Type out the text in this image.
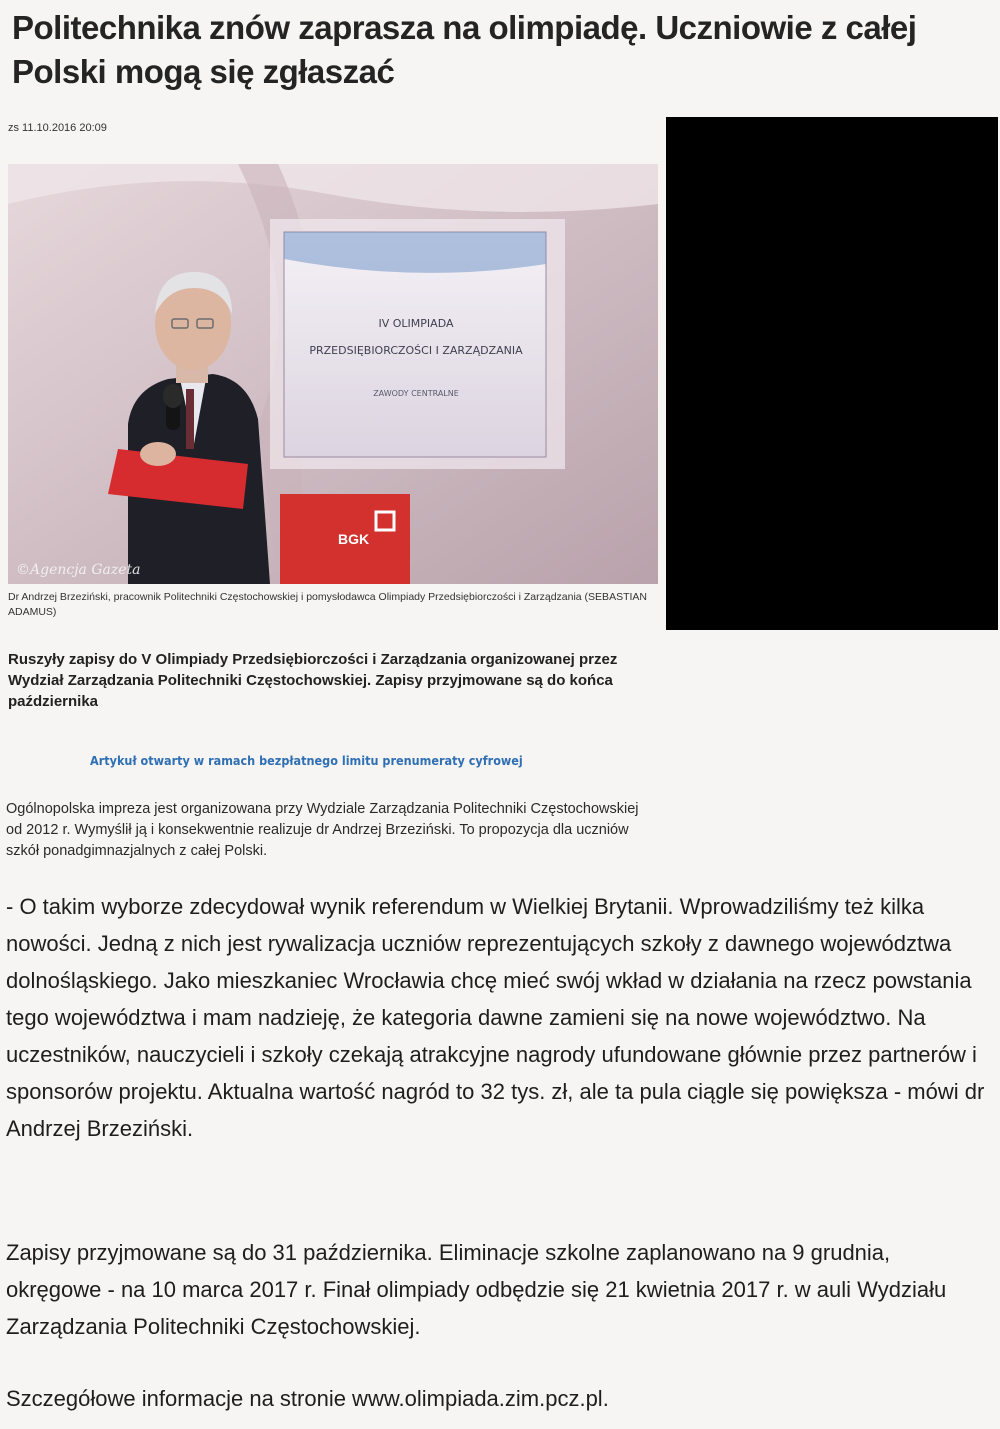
Politechnika znów zaprasza na olimpiadę. Uczniowie z całej Polski mogą się zgłaszać
zs 11.10.2016 20:09
IV OLIMPIADA
PRZEDSIĘBIORCZOŚCI I ZARZĄDZANIA
ZAWODY CENTRALNE
BGK
©Agencja Gazeta
Dr Andrzej Brzeziński, pracownik Politechniki Częstochowskiej i pomysłodawca Olimpiady Przedsiębiorczości i Zarządzania (SEBASTIAN ADAMUS)
Ruszyły zapisy do V Olimpiady Przedsiębiorczości i Zarządzania organizowanej przez Wydział Zarządzania Politechniki Częstochowskiej. Zapisy przyjmowane są do końca października
Artykuł otwarty w ramach bezpłatnego limitu prenumeraty cyfrowej
Ogólnopolska impreza jest organizowana przy Wydziale Zarządzania Politechniki Częstochowskiej od 2012 r. Wymyślił ją i konsekwentnie realizuje dr Andrzej Brzeziński. To propozycja dla uczniów szkół ponadgimnazjalnych z całej Polski.
- O takim wyborze zdecydował wynik referendum w Wielkiej Brytanii. Wprowadziliśmy też kilka nowości. Jedną z nich jest rywalizacja uczniów reprezentujących szkoły z dawnego województwa dolnośląskiego. Jako mieszkaniec Wrocławia chcę mieć swój wkład w działania na rzecz powstania tego województwa i mam nadzieję, że kategoria dawne zamieni się na nowe województwo. Na uczestników, nauczycieli i szkoły czekają atrakcyjne nagrody ufundowane głównie przez partnerów i sponsorów projektu. Aktualna wartość nagród to 32 tys. zł, ale ta pula ciągle się powiększa - mówi dr Andrzej Brzeziński.
Zapisy przyjmowane są do 31 października. Eliminacje szkolne zaplanowano na 9 grudnia, okręgowe - na 10 marca 2017 r. Finał olimpiady odbędzie się 21 kwietnia 2017 r. w auli Wydziału Zarządzania Politechniki Częstochowskiej.
Szczegółowe informacje na stronie www.olimpiada.zim.pcz.pl.
